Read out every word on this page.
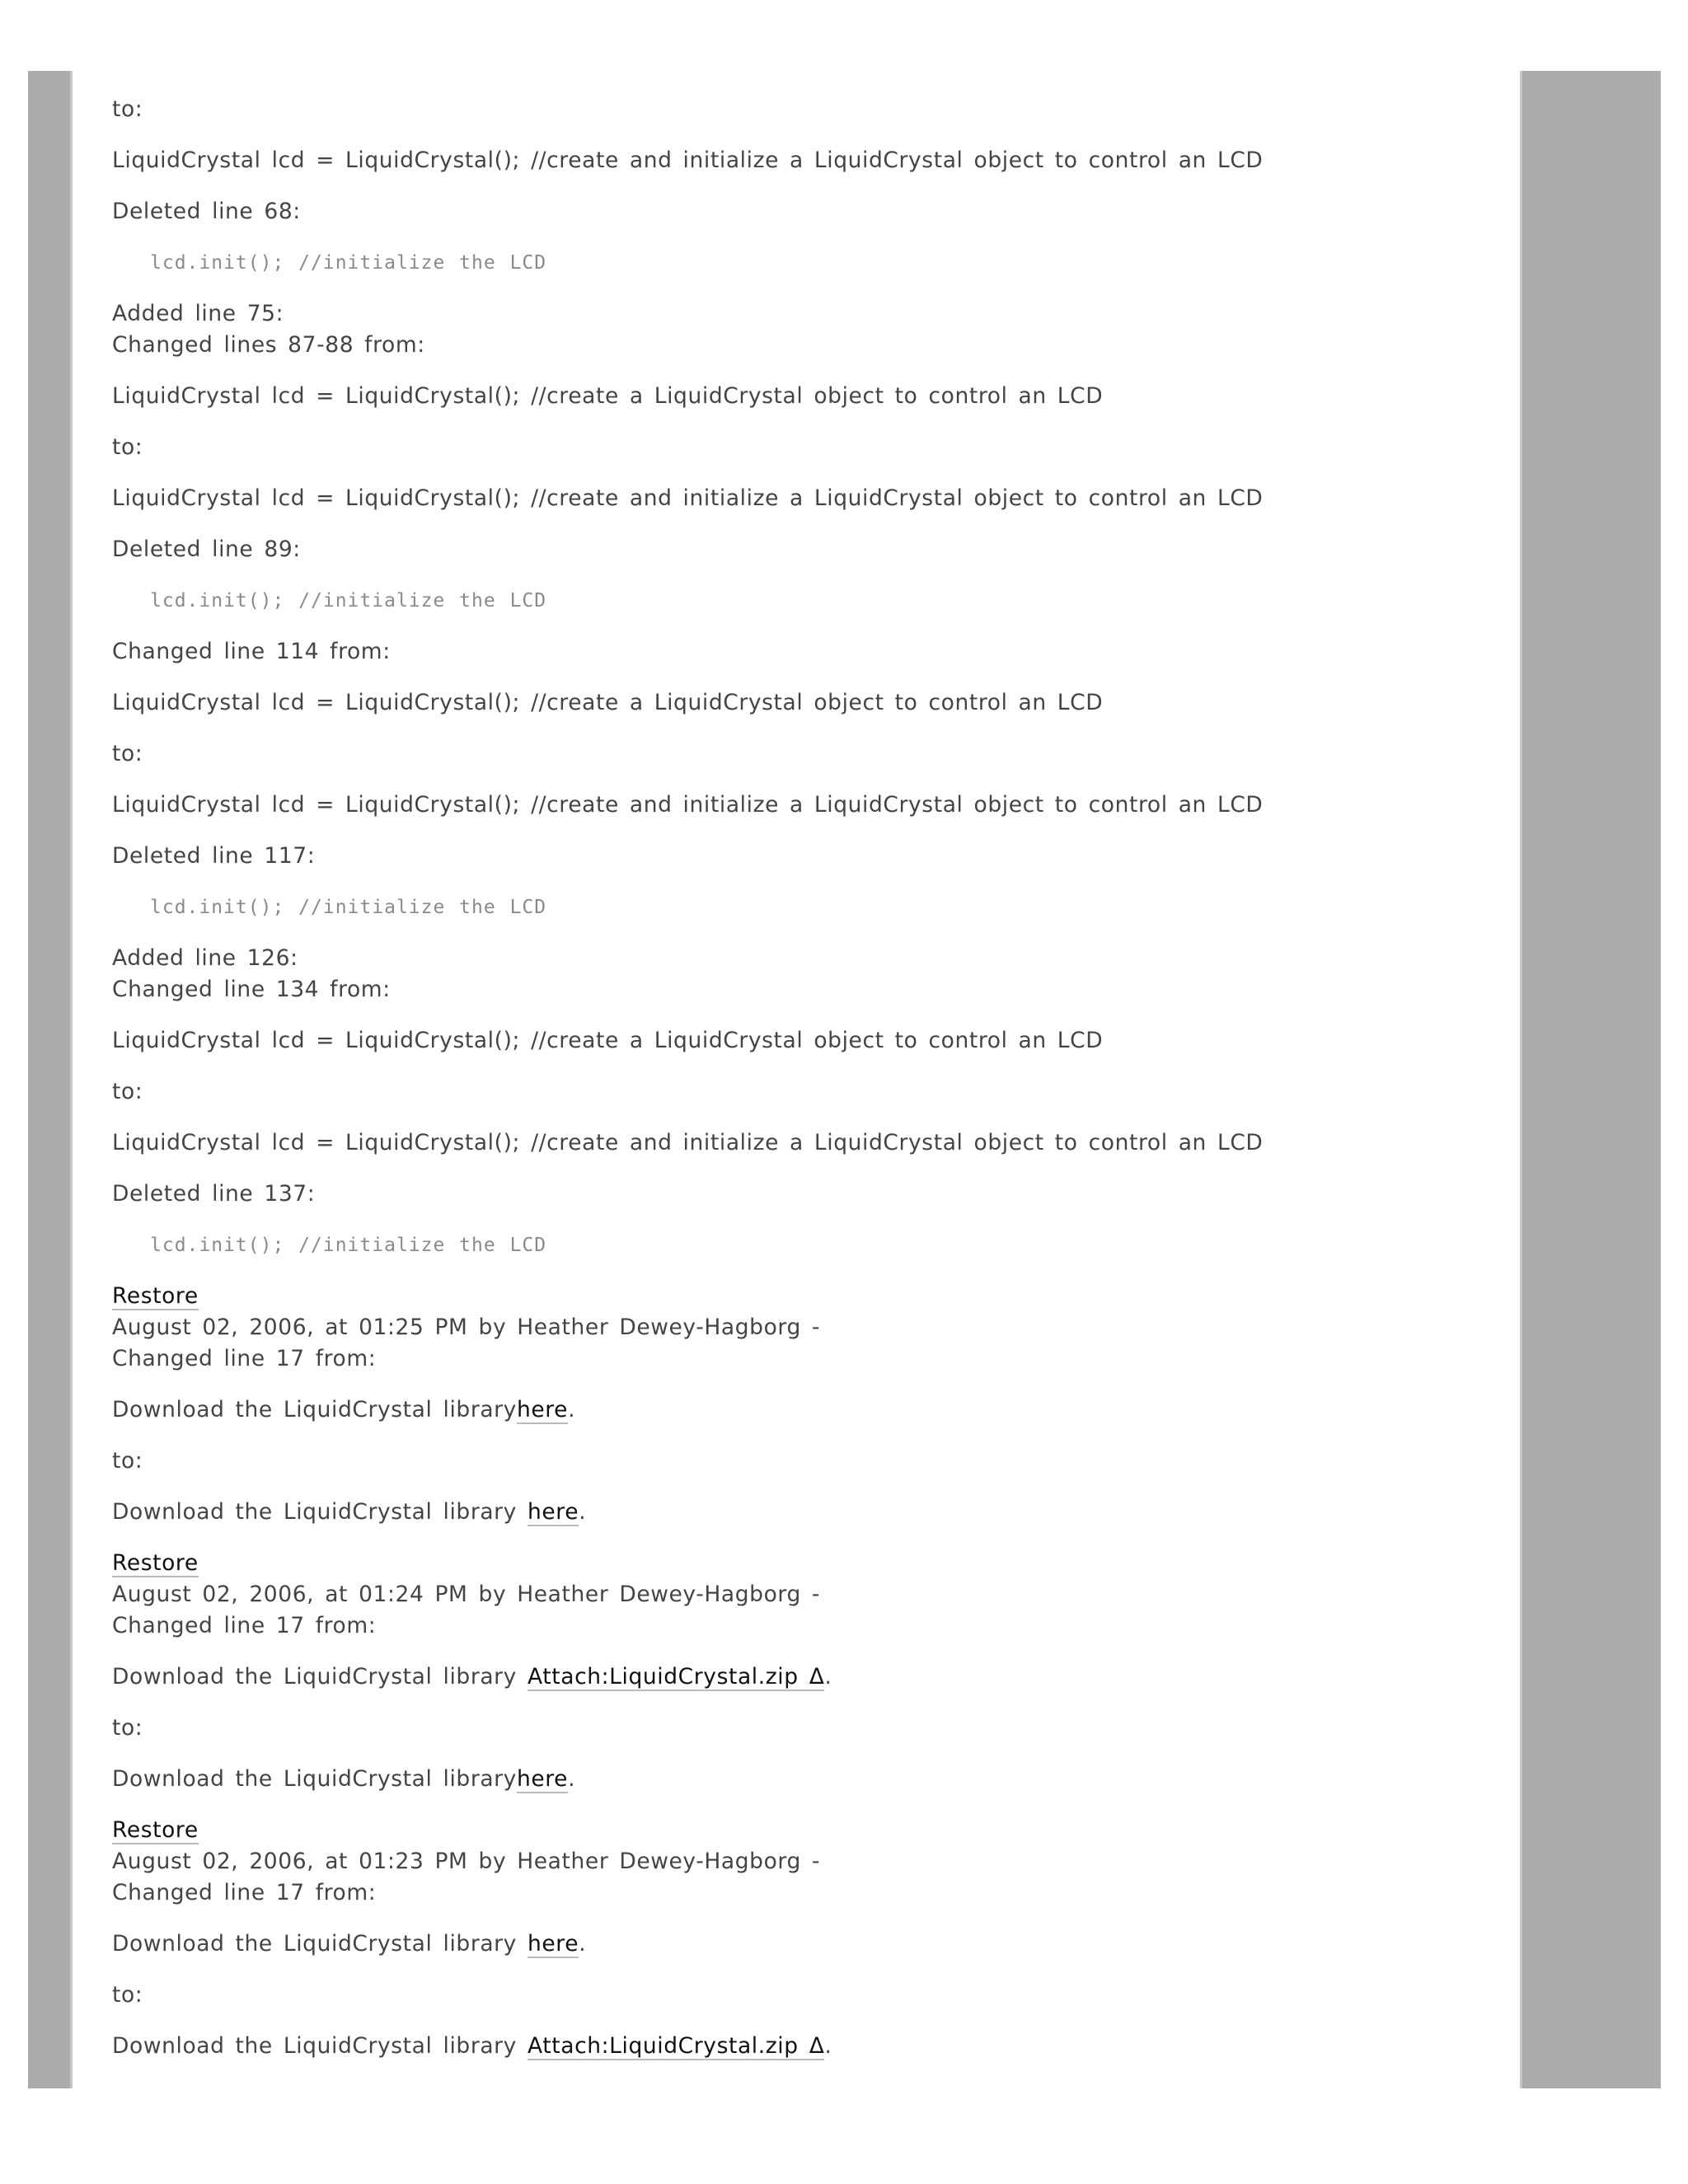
to:
LiquidCrystal lcd = LiquidCrystal(); //create and initialize a LiquidCrystal object to control an LCD
Deleted line 68:
lcd.init(); //initialize the LCD
Added line 75:
Changed lines 87-88 from:
LiquidCrystal lcd = LiquidCrystal(); //create a LiquidCrystal object to control an LCD
to:
LiquidCrystal lcd = LiquidCrystal(); //create and initialize a LiquidCrystal object to control an LCD
Deleted line 89:
lcd.init(); //initialize the LCD
Changed line 114 from:
LiquidCrystal lcd = LiquidCrystal(); //create a LiquidCrystal object to control an LCD
to:
LiquidCrystal lcd = LiquidCrystal(); //create and initialize a LiquidCrystal object to control an LCD
Deleted line 117:
lcd.init(); //initialize the LCD
Added line 126:
Changed line 134 from:
LiquidCrystal lcd = LiquidCrystal(); //create a LiquidCrystal object to control an LCD
to:
LiquidCrystal lcd = LiquidCrystal(); //create and initialize a LiquidCrystal object to control an LCD
Deleted line 137:
lcd.init(); //initialize the LCD
Restore
August 02, 2006, at 01:25 PM by Heather Dewey-Hagborg -
Changed line 17 from:
Download the LiquidCrystal libraryhere.
to:
Download the LiquidCrystal library here.
Restore
August 02, 2006, at 01:24 PM by Heather Dewey-Hagborg -
Changed line 17 from:
Download the LiquidCrystal library Attach:LiquidCrystal.zip Δ.
to:
Download the LiquidCrystal libraryhere.
Restore
August 02, 2006, at 01:23 PM by Heather Dewey-Hagborg -
Changed line 17 from:
Download the LiquidCrystal library here.
to:
Download the LiquidCrystal library Attach:LiquidCrystal.zip Δ.
